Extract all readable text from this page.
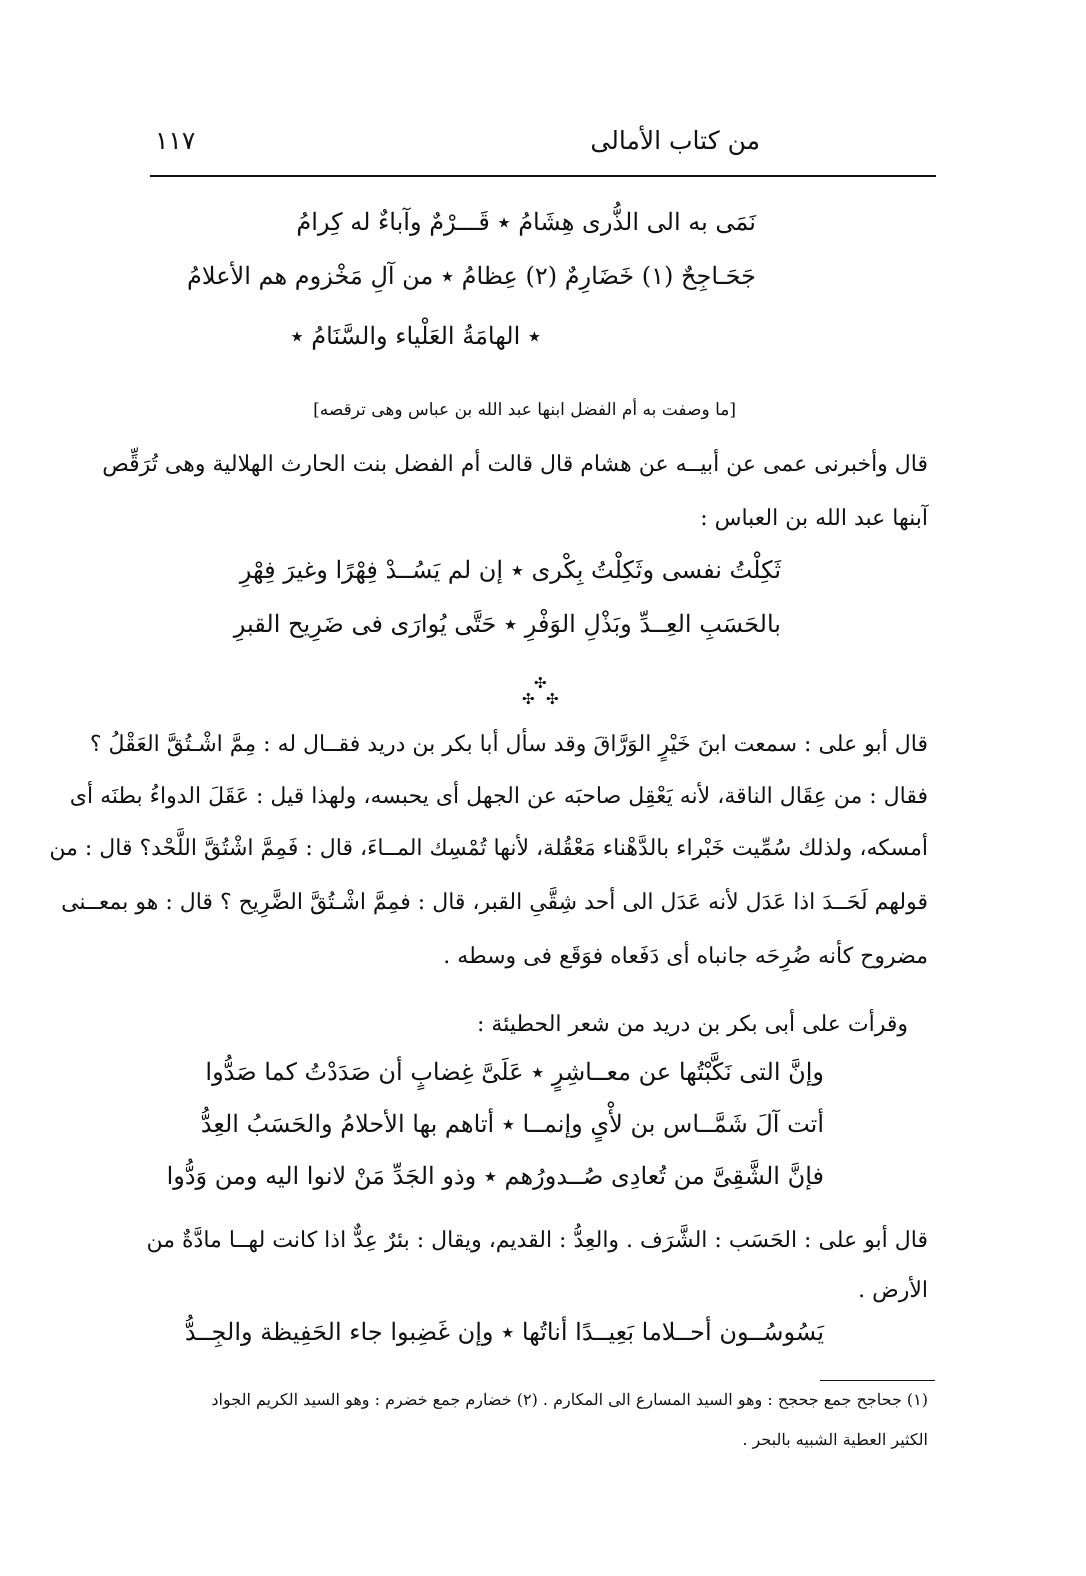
من كتاب الأمالى
١١٧
نَمَى به الى الذُّرى هِشَامُ ٭ قَـــرْمٌ وآباءٌ له كِرامُ
جَحَـاجِحٌ (١) خَضَارِمٌ (٢) عِظامُ ٭ من آلِ مَخْزوم هم الأعلامُ
٭ الهامَةُ العَلْياء والسَّنَامُ ٭
[ما وصفت به أم الفضل ابنها عبد الله بن عباس وهى ترقصه]
قال وأخبرنى عمى عن أبيــه عن هشام قال قالت أم الفضل بنت الحارث الهلالية وهى تُرَقِّص
آبنها عبد الله بن العباس :
ثَكِلْتُ نفسى وثَكِلْتُ بِكْرى ٭ إن لم يَسُــدْ فِهْرًا وغيرَ فِهْرِ
بالحَسَبِ العِــدِّ وبَذْلِ الوَفْرِ ٭ حَتَّى يُوارَى فى ضَرِيح القبرِ
✣
✣ ✣
قال أبو على : سمعت ابنَ خَيْرٍ الوَرَّاقَ وقد سأل أبا بكر بن دريد فقــال له : مِمَّ اشْـتُقَّ العَقْلُ ؟
فقال : من عِقَال الناقة، لأنه يَعْقِل صاحبَه عن الجهل أى يحبسه، ولهذا قيل : عَقَلَ الدواءُ بطنَه أى
أمسكه، ولذلك سُمِّيت خَبْراء بالدَّهْناء مَعْقُلة، لأنها تُمْسِك المــاءَ، قال : فَمِمَّ اشْتُقَّ اللَّحْد؟ قال : من
قولهم لَحَــدَ اذا عَدَل لأنه عَدَل الى أحد شِقَّىِ القبر، قال : فمِمَّ اشْـتُقَّ الضَّرِيح ؟ قال : هو بمعــنى
مضروح كأنه ضُرِحَه جانباه أى دَفَعاه فوَقَع فى وسطه .
وقرأت على أبى بكر بن دريد من شعر الحطيئة :
وإنَّ التى نَكَّبْتُها عن معــاشِرٍ ٭ عَلَىَّ غِضابٍ أن صَدَدْتُ كما صَدُّوا
أتت آلَ شَمَّــاس بن لأْىٍ وإنمــا ٭ أتاهم بها الأحلامُ والحَسَبُ العِدُّ
فإنَّ الشَّقِىَّ من تُعادِى صُــدورُهم ٭ وذو الجَدِّ مَنْ لانوا اليه ومن وَدُّوا
قال أبو على : الحَسَب : الشَّرَف . والعِدُّ : القديم، ويقال : بئرٌ عِدٌّ اذا كانت لهــا مادَّةٌ من
الأرض .
يَسُوسُــون أحــلاما بَعِيــدًا أناتُها ٭ وإن غَضِبوا جاء الحَفِيظة والجِــدُّ
(١) جحاجح جمع جحجح : وهو السيد المسارع الى المكارم . (٢) خضارم جمع خضرم : وهو السيد الكريم الجواد
الكثير العطية الشبيه بالبحر .
